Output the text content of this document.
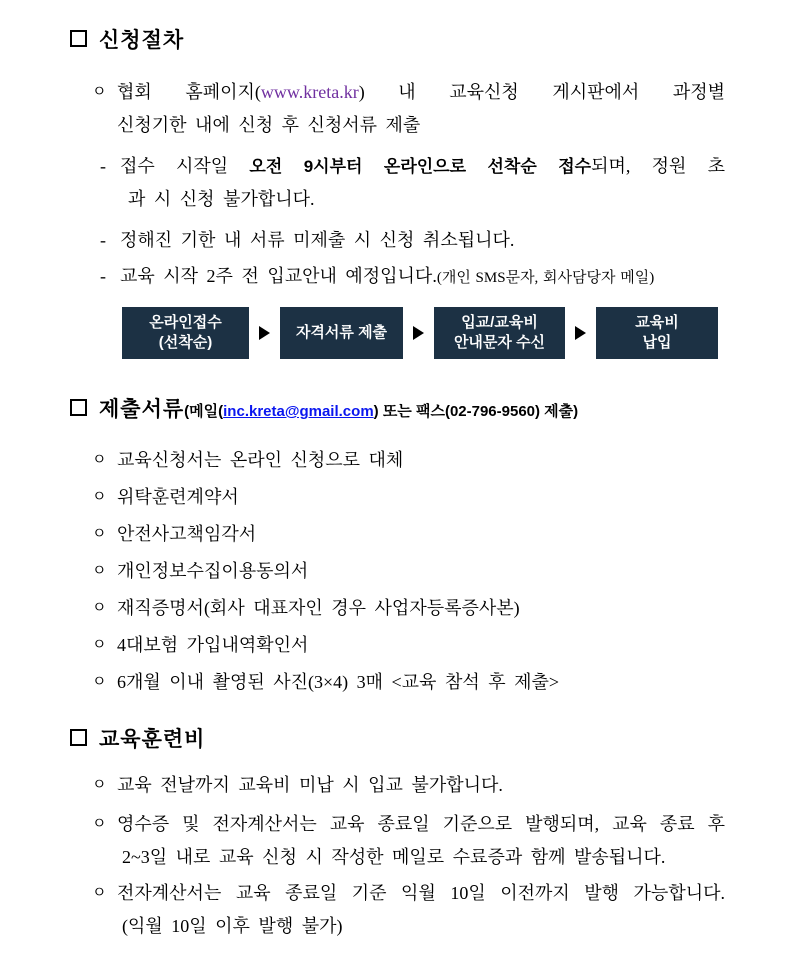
신청절차
ㅇ 협회 홈페이지(www.kreta.kr) 내 교육신청 게시판에서 과정별
신청기한 내에 신청 후 신청서류 제출
- 접수 시작일 오전 9시부터 온라인으로 선착순 접수되며, 정원 초
과 시 신청 불가합니다.
- 정해진 기한 내 서류 미제출 시 신청 취소됩니다.
- 교육 시작 2주 전 입교안내 예정입니다.(개인 SMS문자, 회사담당자 메일)
온라인접수
(선착순)
자격서류 제출
입교/교육비
안내문자 수신
교육비
납입
제출서류(메일(inc.kreta@gmail.com) 또는 팩스(02-796-9560) 제출)
ㅇ 교육신청서는 온라인 신청으로 대체
ㅇ 위탁훈련계약서
ㅇ 안전사고책임각서
ㅇ 개인정보수집이용동의서
ㅇ 재직증명서(회사 대표자인 경우 사업자등록증사본)
ㅇ 4대보험 가입내역확인서
ㅇ 6개월 이내 촬영된 사진(3×4) 3매 <교육 참석 후 제출>
교육훈련비
ㅇ 교육 전날까지 교육비 미납 시 입교 불가합니다.
ㅇ 영수증 및 전자계산서는 교육 종료일 기준으로 발행되며, 교육 종료 후
2~3일 내로 교육 신청 시 작성한 메일로 수료증과 함께 발송됩니다.
ㅇ 전자계산서는 교육 종료일 기준 익월 10일 이전까지 발행 가능합니다.
(익월 10일 이후 발행 불가)
